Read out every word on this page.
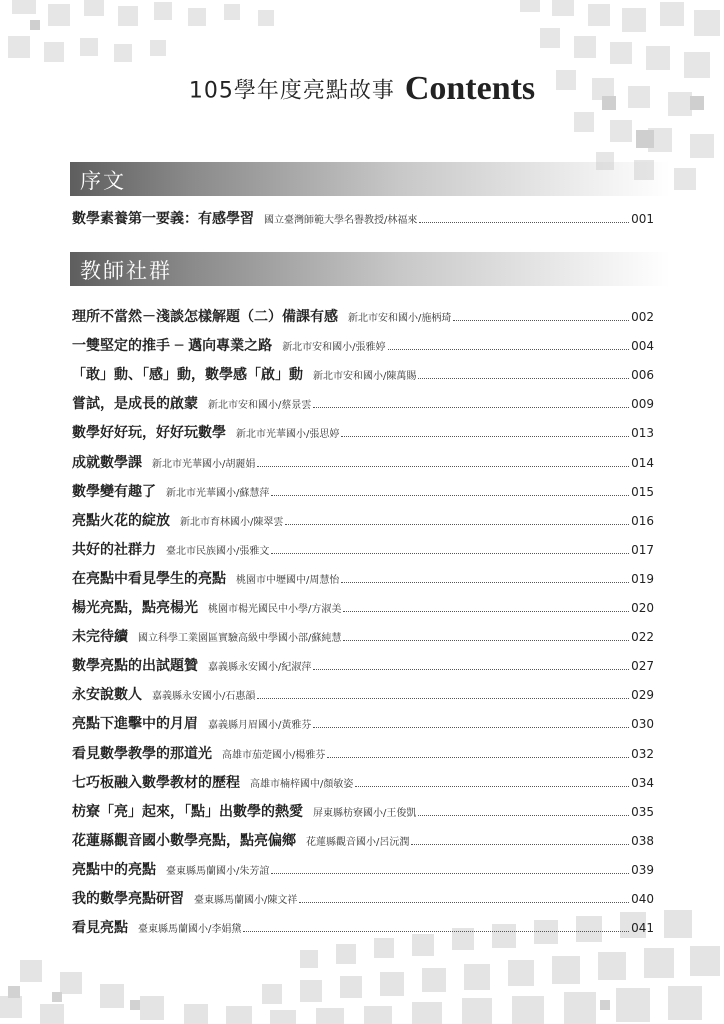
105學年度亮點故事 Contents
序文
數學素養第一要義：有感學習 國立臺灣師範大學名譽教授/林福來	001
教師社群
理所不當然－淺談怎樣解題（二）備課有感 新北市安和國小/施柄琦	002
一雙堅定的推手 ─ 邁向專業之路 新北市安和國小/張雅婷	004
「敢」動、「感」動，數學感「啟」動 新北市安和國小/陳萬賜	006
嘗試，是成長的啟蒙 新北市安和國小/蔡景雲	009
數學好好玩，好好玩數學 新北市光華國小/張思婷	013
成就數學課 新北市光華國小/胡麗娟	014
數學變有趣了 新北市光華國小/蘇慧萍	015
亮點火花的綻放 新北市育林國小/陳翠雲	016
共好的社群力 臺北市民族國小/張雅文	017
在亮點中看見學生的亮點 桃園市中壢國中/周慧怡	019
楊光亮點，點亮楊光 桃園市楊光國民中小學/方淑美	020
未完待續 國立科學工業園區實驗高級中學國小部/蘇純慧	022
數學亮點的出試題贊 嘉義縣永安國小/紀淑萍	027
永安說數人 嘉義縣永安國小/石惠韻	029
亮點下進擊中的月眉 嘉義縣月眉國小/黃雅芬	030
看見數學教學的那道光 高雄市茄萣國小/楊雅芬	032
七巧板融入數學教材的歷程 高雄市楠梓國中/顏敏姿	034
枋寮「亮」起來，「點」出數學的熱愛 屏東縣枋寮國小/王俊凱	035
花蓮縣觀音國小數學亮點，點亮偏鄉 花蓮縣觀音國小/呂沅潤	038
亮點中的亮點 臺東縣馬蘭國小/朱芳誼	039
我的數學亮點研習 臺東縣馬蘭國小/陳文祥	040
看見亮點 臺東縣馬蘭國小/李娟黛	041
